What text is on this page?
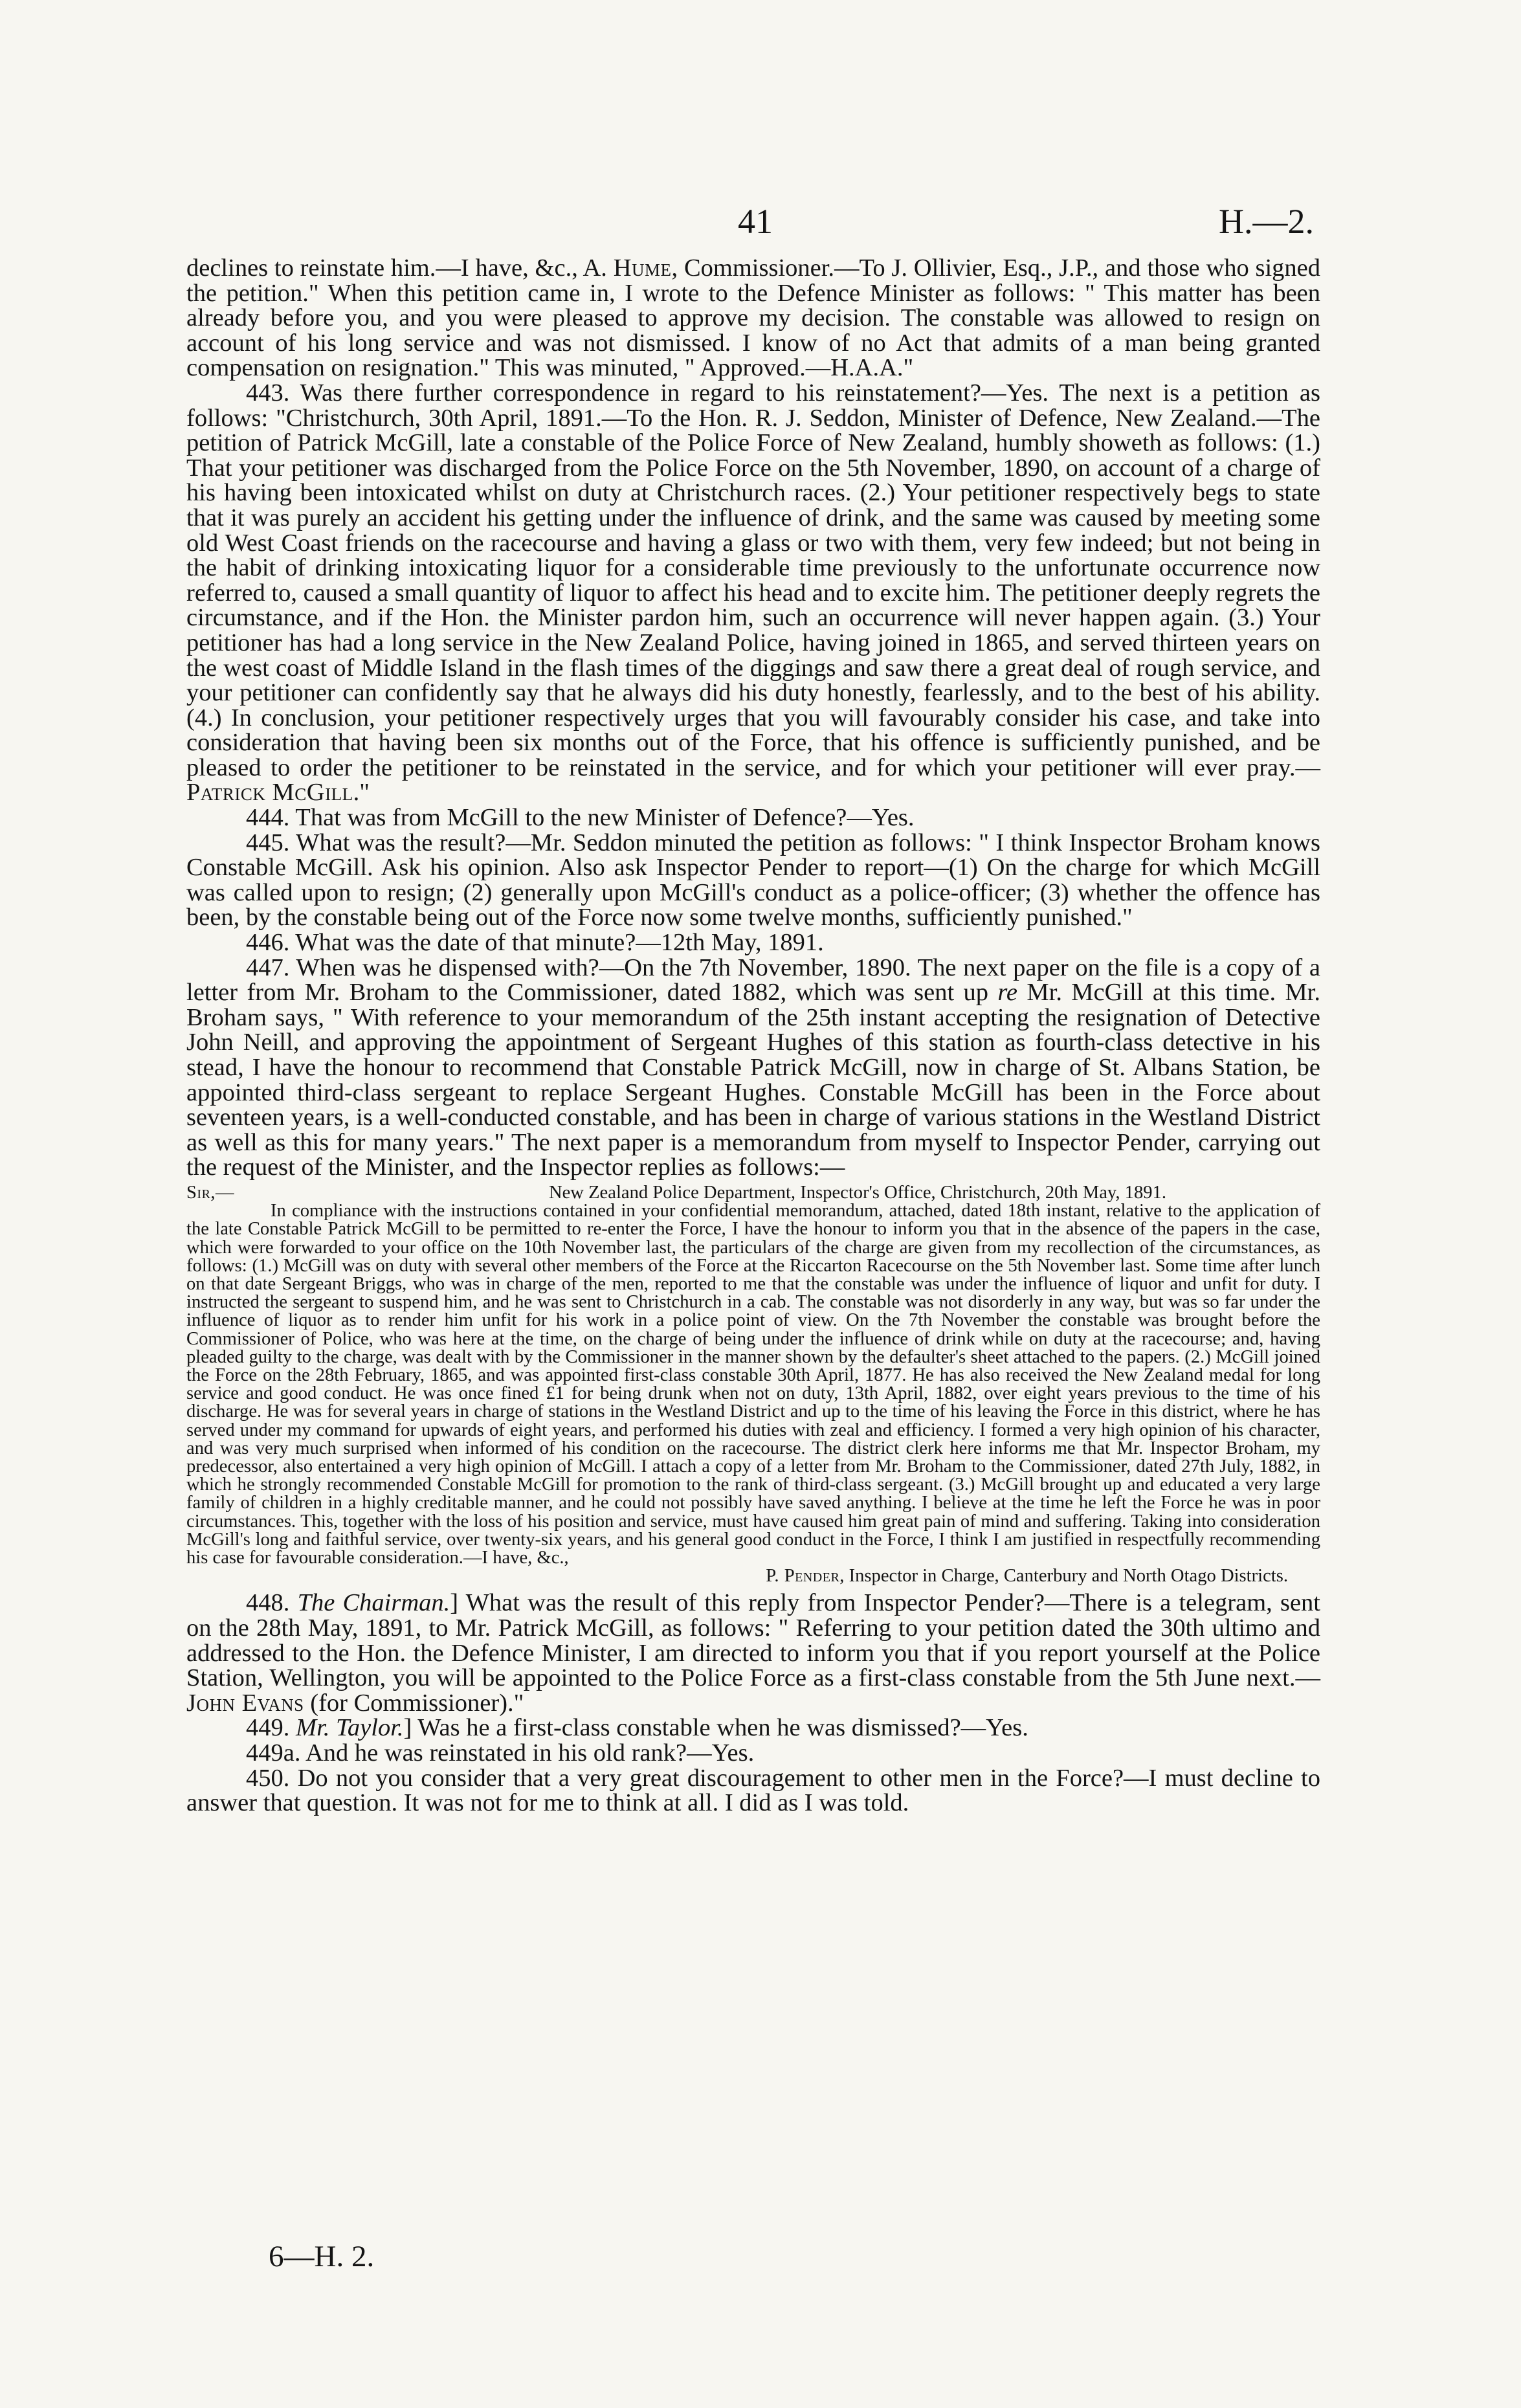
41	H.—2.

declines to reinstate him.—I have, &c., A. Hume, Commissioner.—To J. Ollivier, Esq., J.P., and those who signed the petition." When this petition came in, I wrote to the Defence Minister as follows: " This matter has been already before you, and you were pleased to approve my decision. The constable was allowed to resign on account of his long service and was not dismissed. I know of no Act that admits of a man being granted compensation on resignation." This was minuted, " Approved.—H.A.A."

443. Was there further correspondence in regard to his reinstatement?—Yes. The next is a petition as follows: "Christchurch, 30th April, 1891.—To the Hon. R. J. Seddon, Minister of Defence, New Zealand.—The petition of Patrick McGill, late a constable of the Police Force of New Zealand, humbly showeth as follows: (1.) That your petitioner was discharged from the Police Force on the 5th November, 1890, on account of a charge of his having been intoxicated whilst on duty at Christchurch races. (2.) Your petitioner respectively begs to state that it was purely an accident his getting under the influence of drink, and the same was caused by meeting some old West Coast friends on the racecourse and having a glass or two with them, very few indeed; but not being in the habit of drinking intoxicating liquor for a considerable time previously to the unfortunate occurrence now referred to, caused a small quantity of liquor to affect his head and to excite him. The petitioner deeply regrets the circumstance, and if the Hon. the Minister pardon him, such an occurrence will never happen again. (3.) Your petitioner has had a long service in the New Zealand Police, having joined in 1865, and served thirteen years on the west coast of Middle Island in the flash times of the diggings and saw there a great deal of rough service, and your petitioner can confidently say that he always did his duty honestly, fearlessly, and to the best of his ability. (4.) In conclusion, your petitioner respectively urges that you will favourably consider his case, and take into consideration that having been six months out of the Force, that his offence is sufficiently punished, and be pleased to order the petitioner to be reinstated in the service, and for which your petitioner will ever pray.—Patrick McGill."

444. That was from McGill to the new Minister of Defence?—Yes.

445. What was the result?—Mr. Seddon minuted the petition as follows: " I think Inspector Broham knows Constable McGill. Ask his opinion. Also ask Inspector Pender to report—(1) On the charge for which McGill was called upon to resign; (2) generally upon McGill's conduct as a police-officer; (3) whether the offence has been, by the constable being out of the Force now some twelve months, sufficiently punished."

446. What was the date of that minute?—12th May, 1891.

447. When was he dispensed with?—On the 7th November, 1890. The next paper on the file is a copy of a letter from Mr. Broham to the Commissioner, dated 1882, which was sent up re Mr. McGill at this time. Mr. Broham says, " With reference to your memorandum of the 25th instant accepting the resignation of Detective John Neill, and approving the appointment of Sergeant Hughes of this station as fourth-class detective in his stead, I have the honour to recommend that Constable Patrick McGill, now in charge of St. Albans Station, be appointed third-class sergeant to replace Sergeant Hughes. Constable McGill has been in the Force about seventeen years, is a well-conducted constable, and has been in charge of various stations in the Westland District as well as this for many years." The next paper is a memorandum from myself to Inspector Pender, carrying out the request of the Minister, and the Inspector replies as follows:—

Sir,—	New Zealand Police Department, Inspector's Office, Christchurch, 20th May, 1891.
In compliance with the instructions contained in your confidential memorandum, attached, dated 18th instant, relative to the application of the late Constable Patrick McGill to be permitted to re-enter the Force, I have the honour to inform you that in the absence of the papers in the case, which were forwarded to your office on the 10th November last, the particulars of the charge are given from my recollection of the circumstances, as follows: (1.) McGill was on duty with several other members of the Force at the Riccarton Racecourse on the 5th November last. Some time after lunch on that date Sergeant Briggs, who was in charge of the men, reported to me that the constable was under the influence of liquor and unfit for duty. I instructed the sergeant to suspend him, and he was sent to Christchurch in a cab. The constable was not disorderly in any way, but was so far under the influence of liquor as to render him unfit for his work in a police point of view. On the 7th November the constable was brought before the Commissioner of Police, who was here at the time, on the charge of being under the influence of drink while on duty at the racecourse; and, having pleaded guilty to the charge, was dealt with by the Commissioner in the manner shown by the defaulter's sheet attached to the papers. (2.) McGill joined the Force on the 28th February, 1865, and was appointed first-class constable 30th April, 1877. He has also received the New Zealand medal for long service and good conduct. He was once fined £1 for being drunk when not on duty, 13th April, 1882, over eight years previous to the time of his discharge. He was for several years in charge of stations in the Westland District and up to the time of his leaving the Force in this district, where he has served under my command for upwards of eight years, and performed his duties with zeal and efficiency. I formed a very high opinion of his character, and was very much surprised when informed of his condition on the racecourse. The district clerk here informs me that Mr. Inspector Broham, my predecessor, also entertained a very high opinion of McGill. I attach a copy of a letter from Mr. Broham to the Commissioner, dated 27th July, 1882, in which he strongly recommended Constable McGill for promotion to the rank of third-class sergeant. (3.) McGill brought up and educated a very large family of children in a highly creditable manner, and he could not possibly have saved anything. I believe at the time he left the Force he was in poor circumstances. This, together with the loss of his position and service, must have caused him great pain of mind and suffering. Taking into consideration McGill's long and faithful service, over twenty-six years, and his general good conduct in the Force, I think I am justified in respectfully recommending his case for favourable consideration.—I have, &c.,
P. Pender, Inspector in Charge, Canterbury and North Otago Districts.

448. The Chairman.] What was the result of this reply from Inspector Pender?—There is a telegram, sent on the 28th May, 1891, to Mr. Patrick McGill, as follows: " Referring to your petition dated the 30th ultimo and addressed to the Hon. the Defence Minister, I am directed to inform you that if you report yourself at the Police Station, Wellington, you will be appointed to the Police Force as a first-class constable from the 5th June next.—John Evans (for Commissioner)."

449. Mr. Taylor.] Was he a first-class constable when he was dismissed?—Yes.

449a. And he was reinstated in his old rank?—Yes.

450. Do not you consider that a very great discouragement to other men in the Force?—I must decline to answer that question. It was not for me to think at all. I did as I was told.

6—H. 2.
